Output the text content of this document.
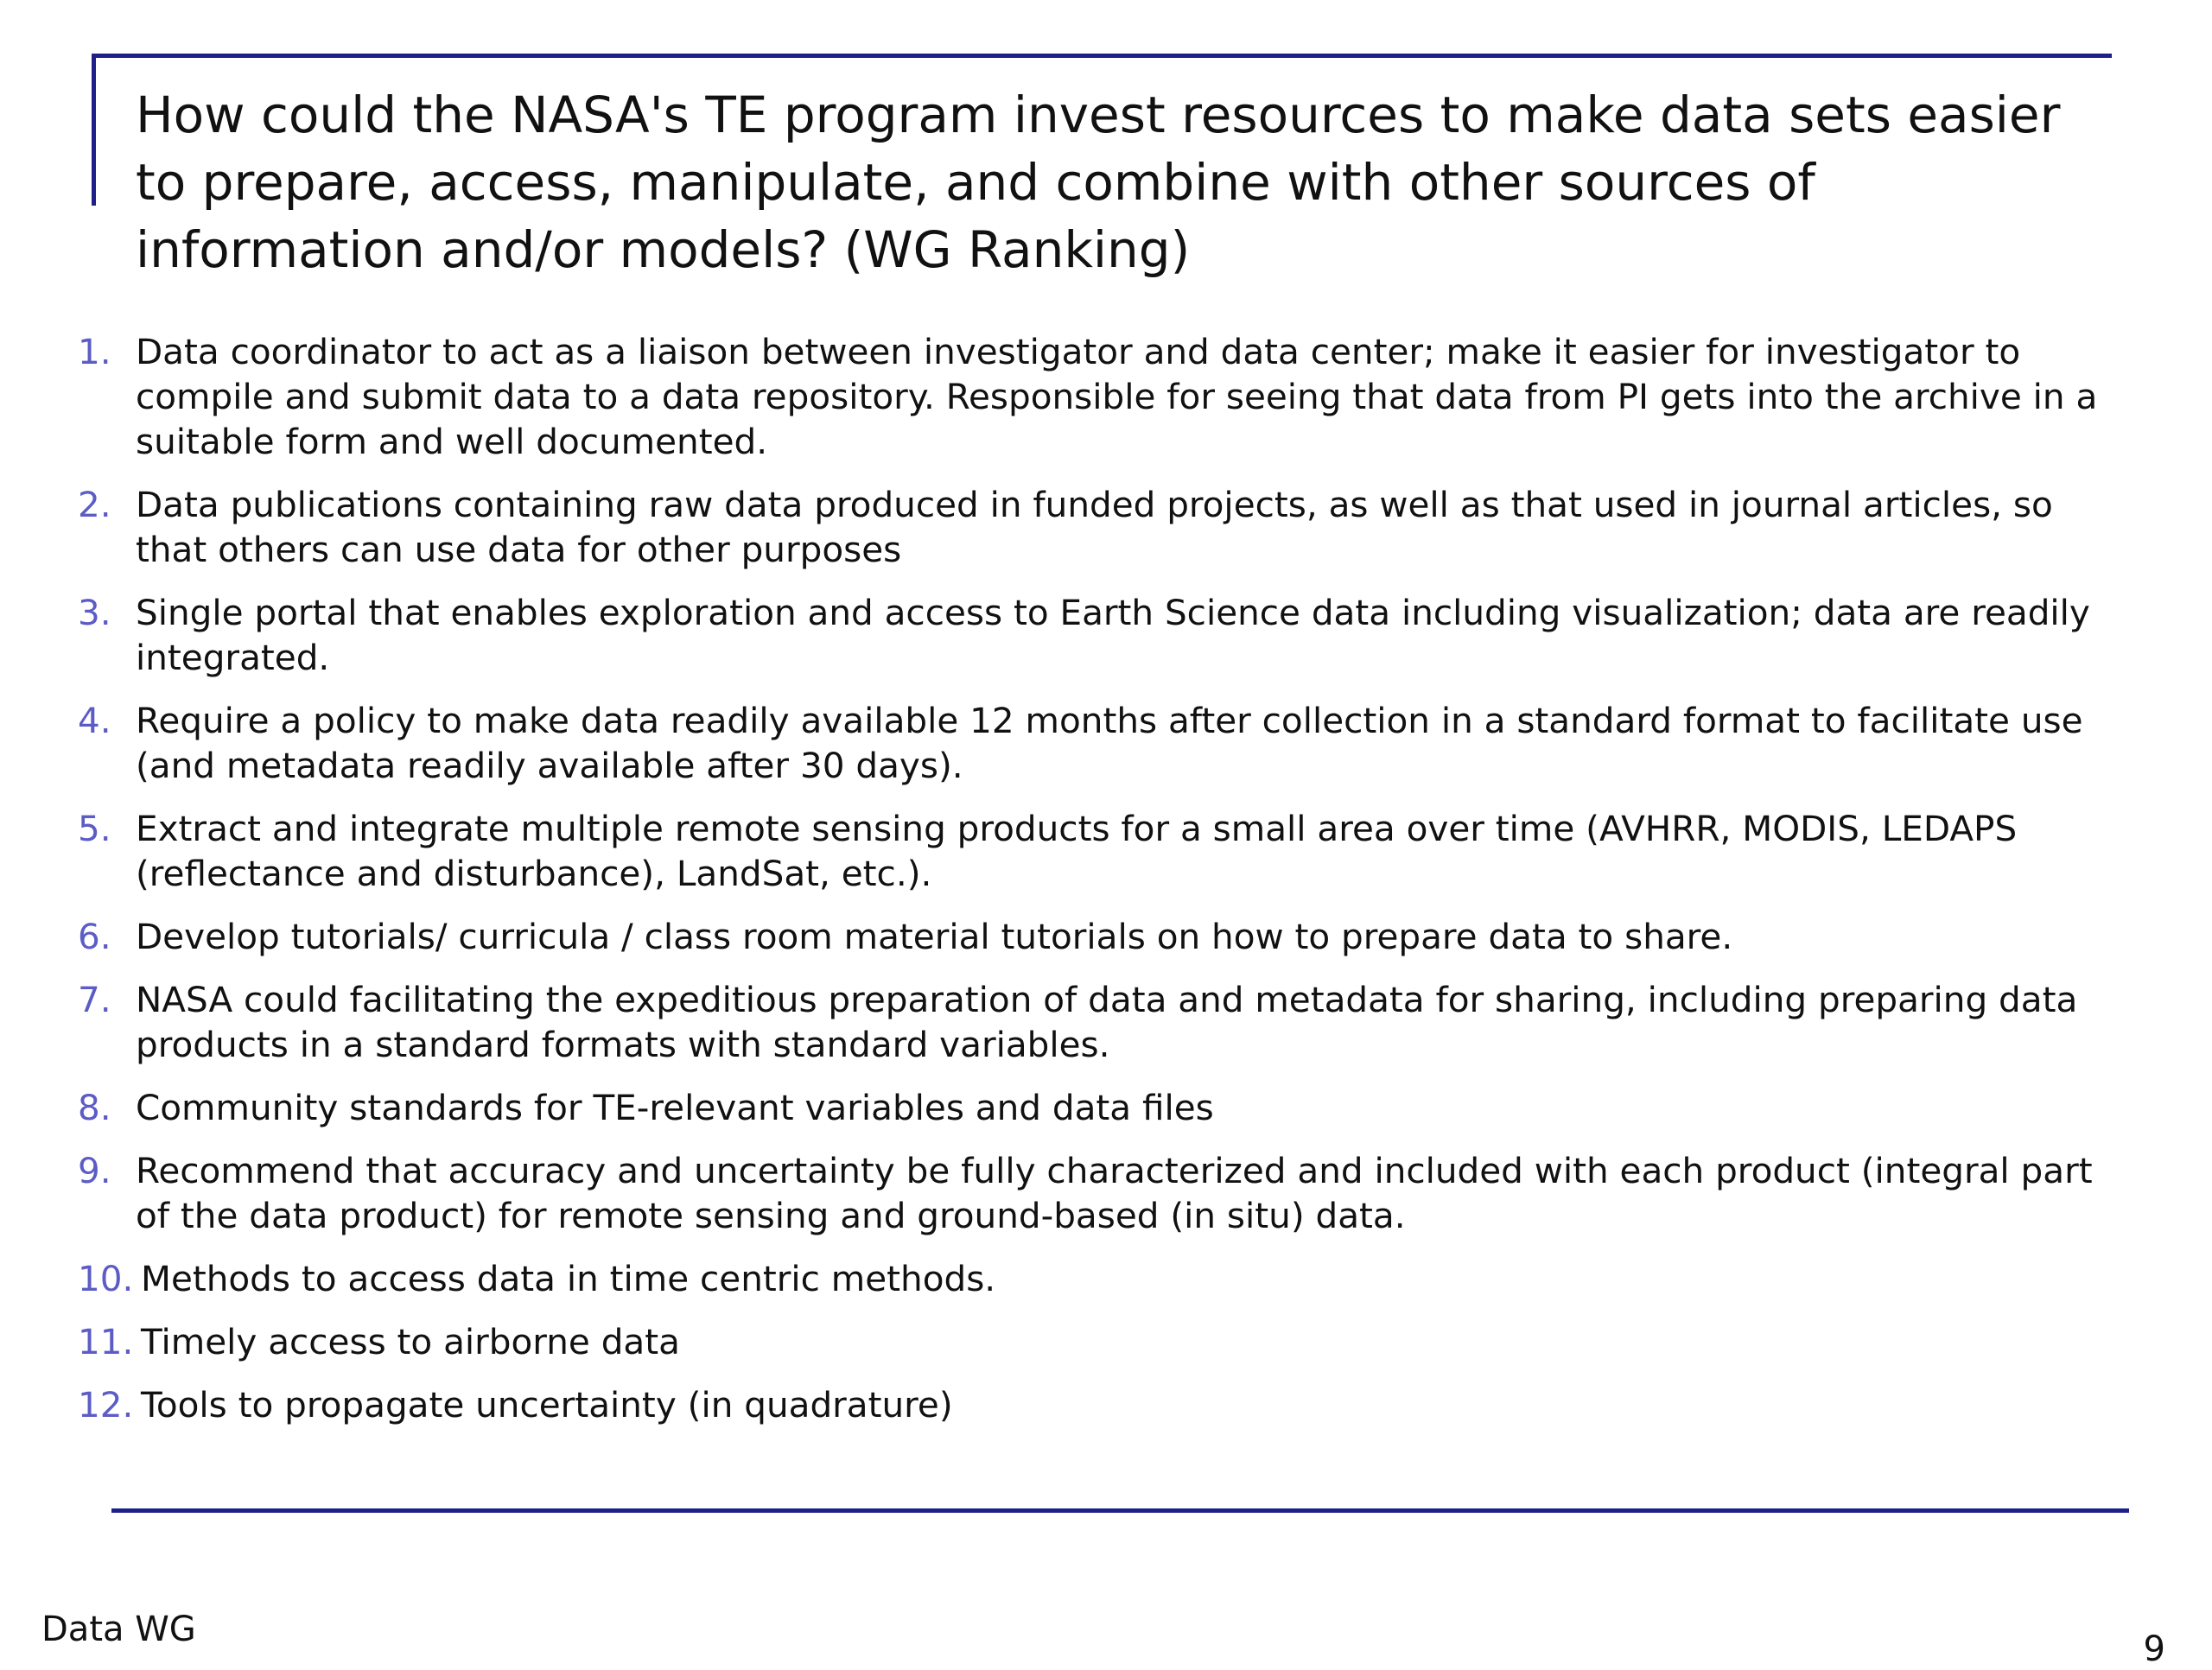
How could the NASA's TE program invest resources to make data sets easier to prepare, access, manipulate, and combine with other sources of information and/or models? (WG Ranking)
1. Data coordinator to act as a liaison between investigator and data center; make it easier for investigator to compile and submit data to a data repository. Responsible for seeing that data from PI gets into the archive in a suitable form and well documented.
2. Data publications containing raw data produced in funded projects, as well as that used in journal articles, so that others can use data for other purposes
3. Single portal that enables exploration and access to Earth Science data including visualization; data are readily integrated.
4. Require a policy to make data readily available 12 months after collection in a standard format to facilitate use (and metadata readily available after 30 days).
5. Extract and integrate multiple remote sensing products for a small area over time (AVHRR, MODIS, LEDAPS (reflectance and disturbance), LandSat, etc.).
6. Develop tutorials/ curricula / class room material tutorials on how to prepare data to share.
7. NASA could facilitating the expeditious preparation of data and metadata for sharing, including preparing data products in a standard formats with standard variables.
8. Community standards for TE-relevant variables and data files
9. Recommend that accuracy and uncertainty be fully characterized and included with each product (integral part of the data product) for remote sensing and ground-based (in situ) data.
10. Methods to access data in time centric methods.
11. Timely access to airborne data
12. Tools to propagate uncertainty (in quadrature)
Data WG	9
